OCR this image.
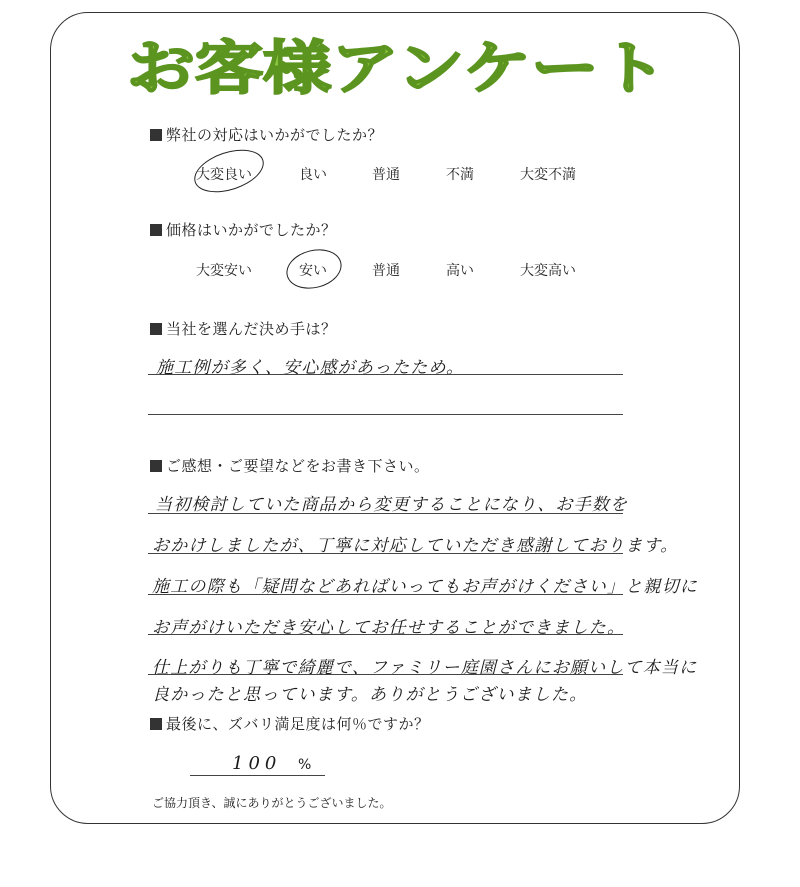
お客様アンケート
弊社の対応はいかがでしたか？
大変良い	良い	普通	不満	大変不満
価格はいかがでしたか？
大変安い	安い	普通	高い	大変高い
当社を選んだ決め手は？
施工例が多く、安心感があったため。
ご感想・ご要望などをお書き下さい。
当初検討していた商品から変更することになり、お手数を
おかけしましたが、丁寧に対応していただき感謝しております。
施工の際も「疑問などあればいってもお声がけください」と親切に
お声がけいただき安心してお任せすることができました。
仕上がりも丁寧で綺麗で、ファミリー庭園さんにお願いして本当に
良かったと思っています。ありがとうございました。
最後に、ズバリ満足度は何％ですか？
100 %
ご協力頂き、誠にありがとうございました。
